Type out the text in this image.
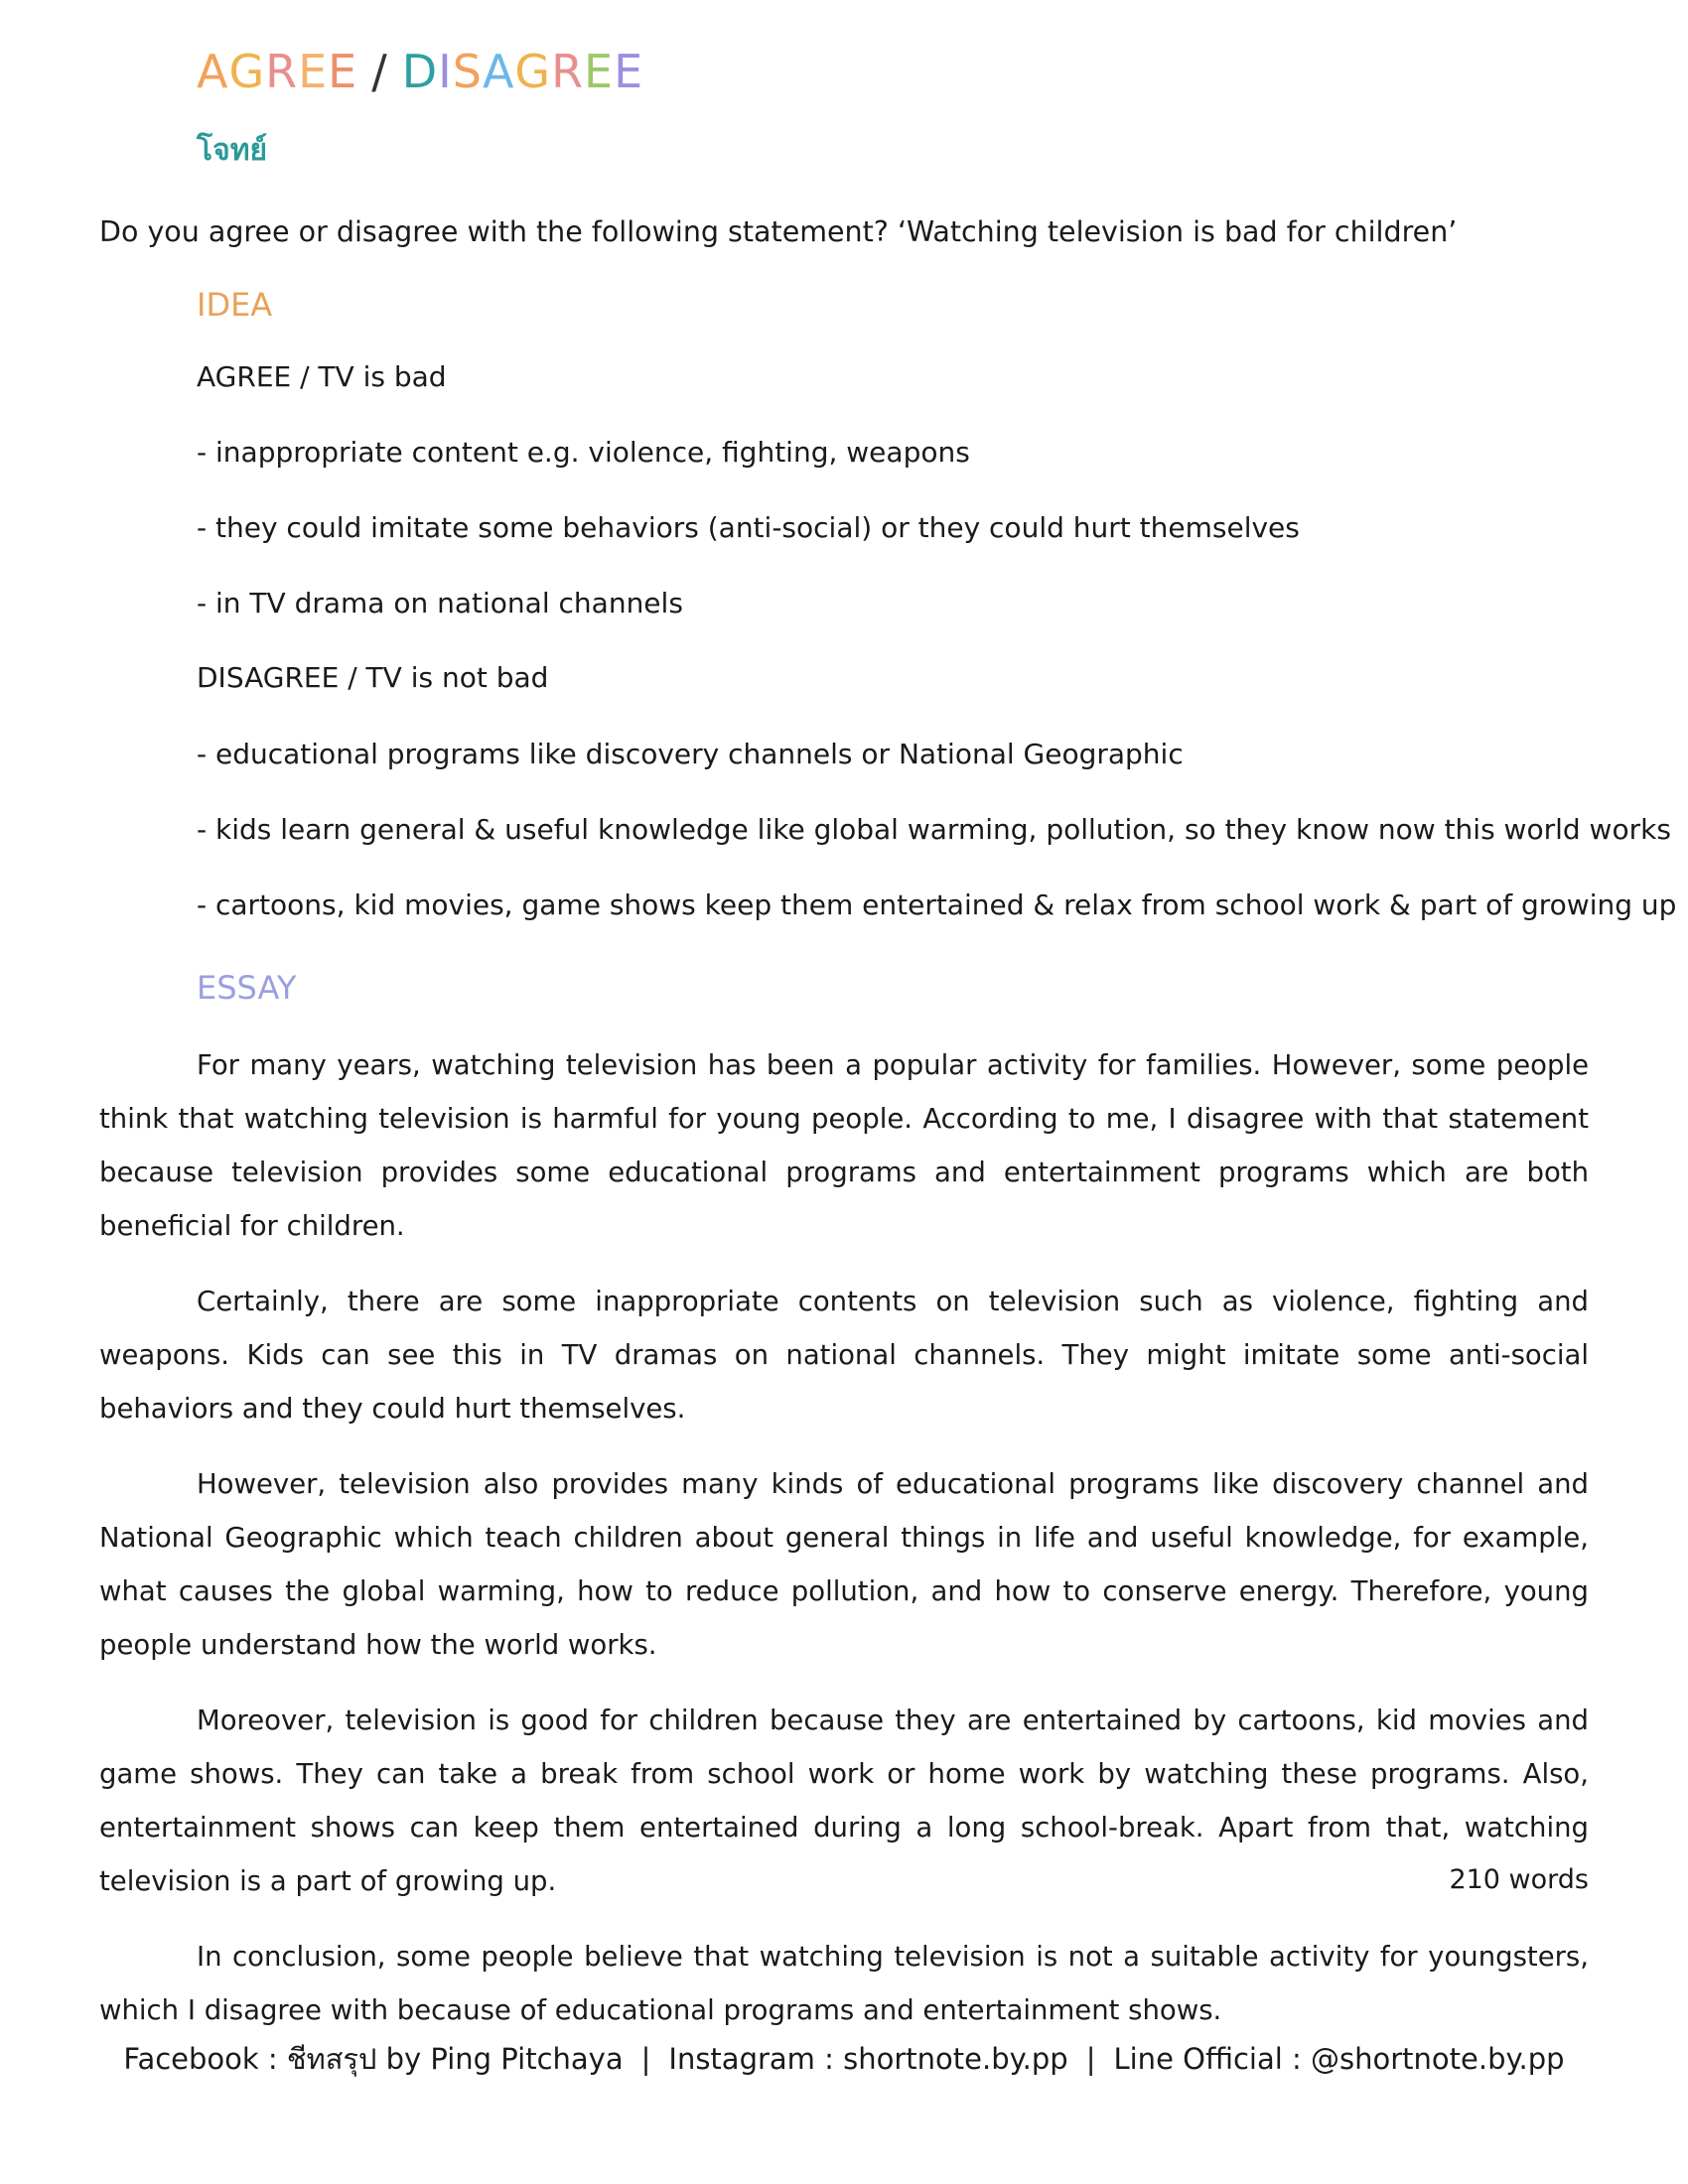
AGREE / DISAGREE
โจทย์
Do you agree or disagree with the following statement? ‘Watching television is bad for children’
IDEA
AGREE / TV is bad
- inappropriate content e.g. violence, fighting, weapons
- they could imitate some behaviors (anti-social) or they could hurt themselves
- in TV drama on national channels
DISAGREE / TV is not bad
- educational programs like discovery channels or National Geographic
- kids learn general & useful knowledge like global warming, pollution, so they know now this world works
- cartoons, kid movies, game shows keep them entertained & relax from school work & part of growing up
ESSAY

For many years, watching television has been a popular activity for families. However, some people think that watching television is harmful for young people. According to me, I disagree with that statement because television provides some educational programs and entertainment programs which are both beneficial for children.

Certainly, there are some inappropriate contents on television such as violence, fighting and weapons. Kids can see this in TV dramas on national channels. They might imitate some anti-social behaviors and they could hurt themselves.

However, television also provides many kinds of educational programs like discovery channel and National Geographic which teach children about general things in life and useful knowledge, for example, what causes the global warming, how to reduce pollution, and how to conserve energy. Therefore, young people understand how the world works.

Moreover, television is good for children because they are entertained by cartoons, kid movies and game shows. They can take a break from school work or home work by watching these programs. Also, entertainment shows can keep them entertained during a long school-break. Apart from that, watching television is a part of growing up.

In conclusion, some people believe that watching television is not a suitable activity for youngsters, which I disagree with because of educational programs and entertainment shows.

210 words
Facebook : ชีทสรุป by Ping Pitchaya | Instagram : shortnote.by.pp | Line Official : @shortnote.by.pp
